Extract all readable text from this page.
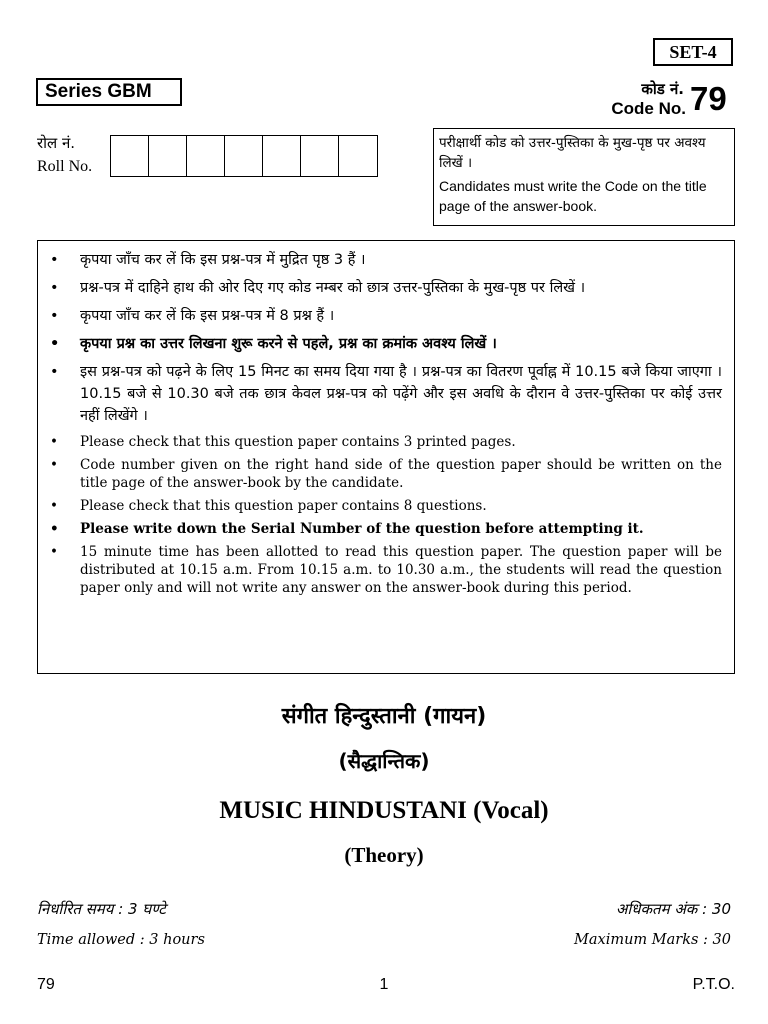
SET-4
Series GBM	कोड नं.
Code No. 79
रोल नं.
Roll No.
परीक्षार्थी कोड को उत्तर-पुस्तिका के मुख-पृष्ठ पर अवश्य लिखें ।
Candidates must write the Code on the title page of the answer-book.
• कृपया जाँच कर लें कि इस प्रश्न-पत्र में मुद्रित पृष्ठ 3 हैं ।
• प्रश्न-पत्र में दाहिने हाथ की ओर दिए गए कोड नम्बर को छात्र उत्तर-पुस्तिका के मुख-पृष्ठ पर लिखें ।
• कृपया जाँच कर लें कि इस प्रश्न-पत्र में 8 प्रश्न हैं ।
• कृपया प्रश्न का उत्तर लिखना शुरू करने से पहले, प्रश्न का क्रमांक अवश्य लिखें ।
• इस प्रश्न-पत्र को पढ़ने के लिए 15 मिनट का समय दिया गया है । प्रश्न-पत्र का वितरण पूर्वाह्न में 10.15 बजे किया जाएगा । 10.15 बजे से 10.30 बजे तक छात्र केवल प्रश्न-पत्र को पढ़ेंगे और इस अवधि के दौरान वे उत्तर-पुस्तिका पर कोई उत्तर नहीं लिखेंगे ।
• Please check that this question paper contains 3 printed pages.
• Code number given on the right hand side of the question paper should be written on the title page of the answer-book by the candidate.
• Please check that this question paper contains 8 questions.
• Please write down the Serial Number of the question before attempting it.
• 15 minute time has been allotted to read this question paper. The question paper will be distributed at 10.15 a.m. From 10.15 a.m. to 10.30 a.m., the students will read the question paper only and will not write any answer on the answer-book during this period.
संगीत हिन्दुस्तानी (गायन)
(सैद्धान्तिक)
MUSIC HINDUSTANI (Vocal)
(Theory)
निर्धारित समय : 3 घण्टे	अधिकतम अंक : 30
Time allowed : 3 hours	Maximum Marks : 30
79	1	P.T.O.
